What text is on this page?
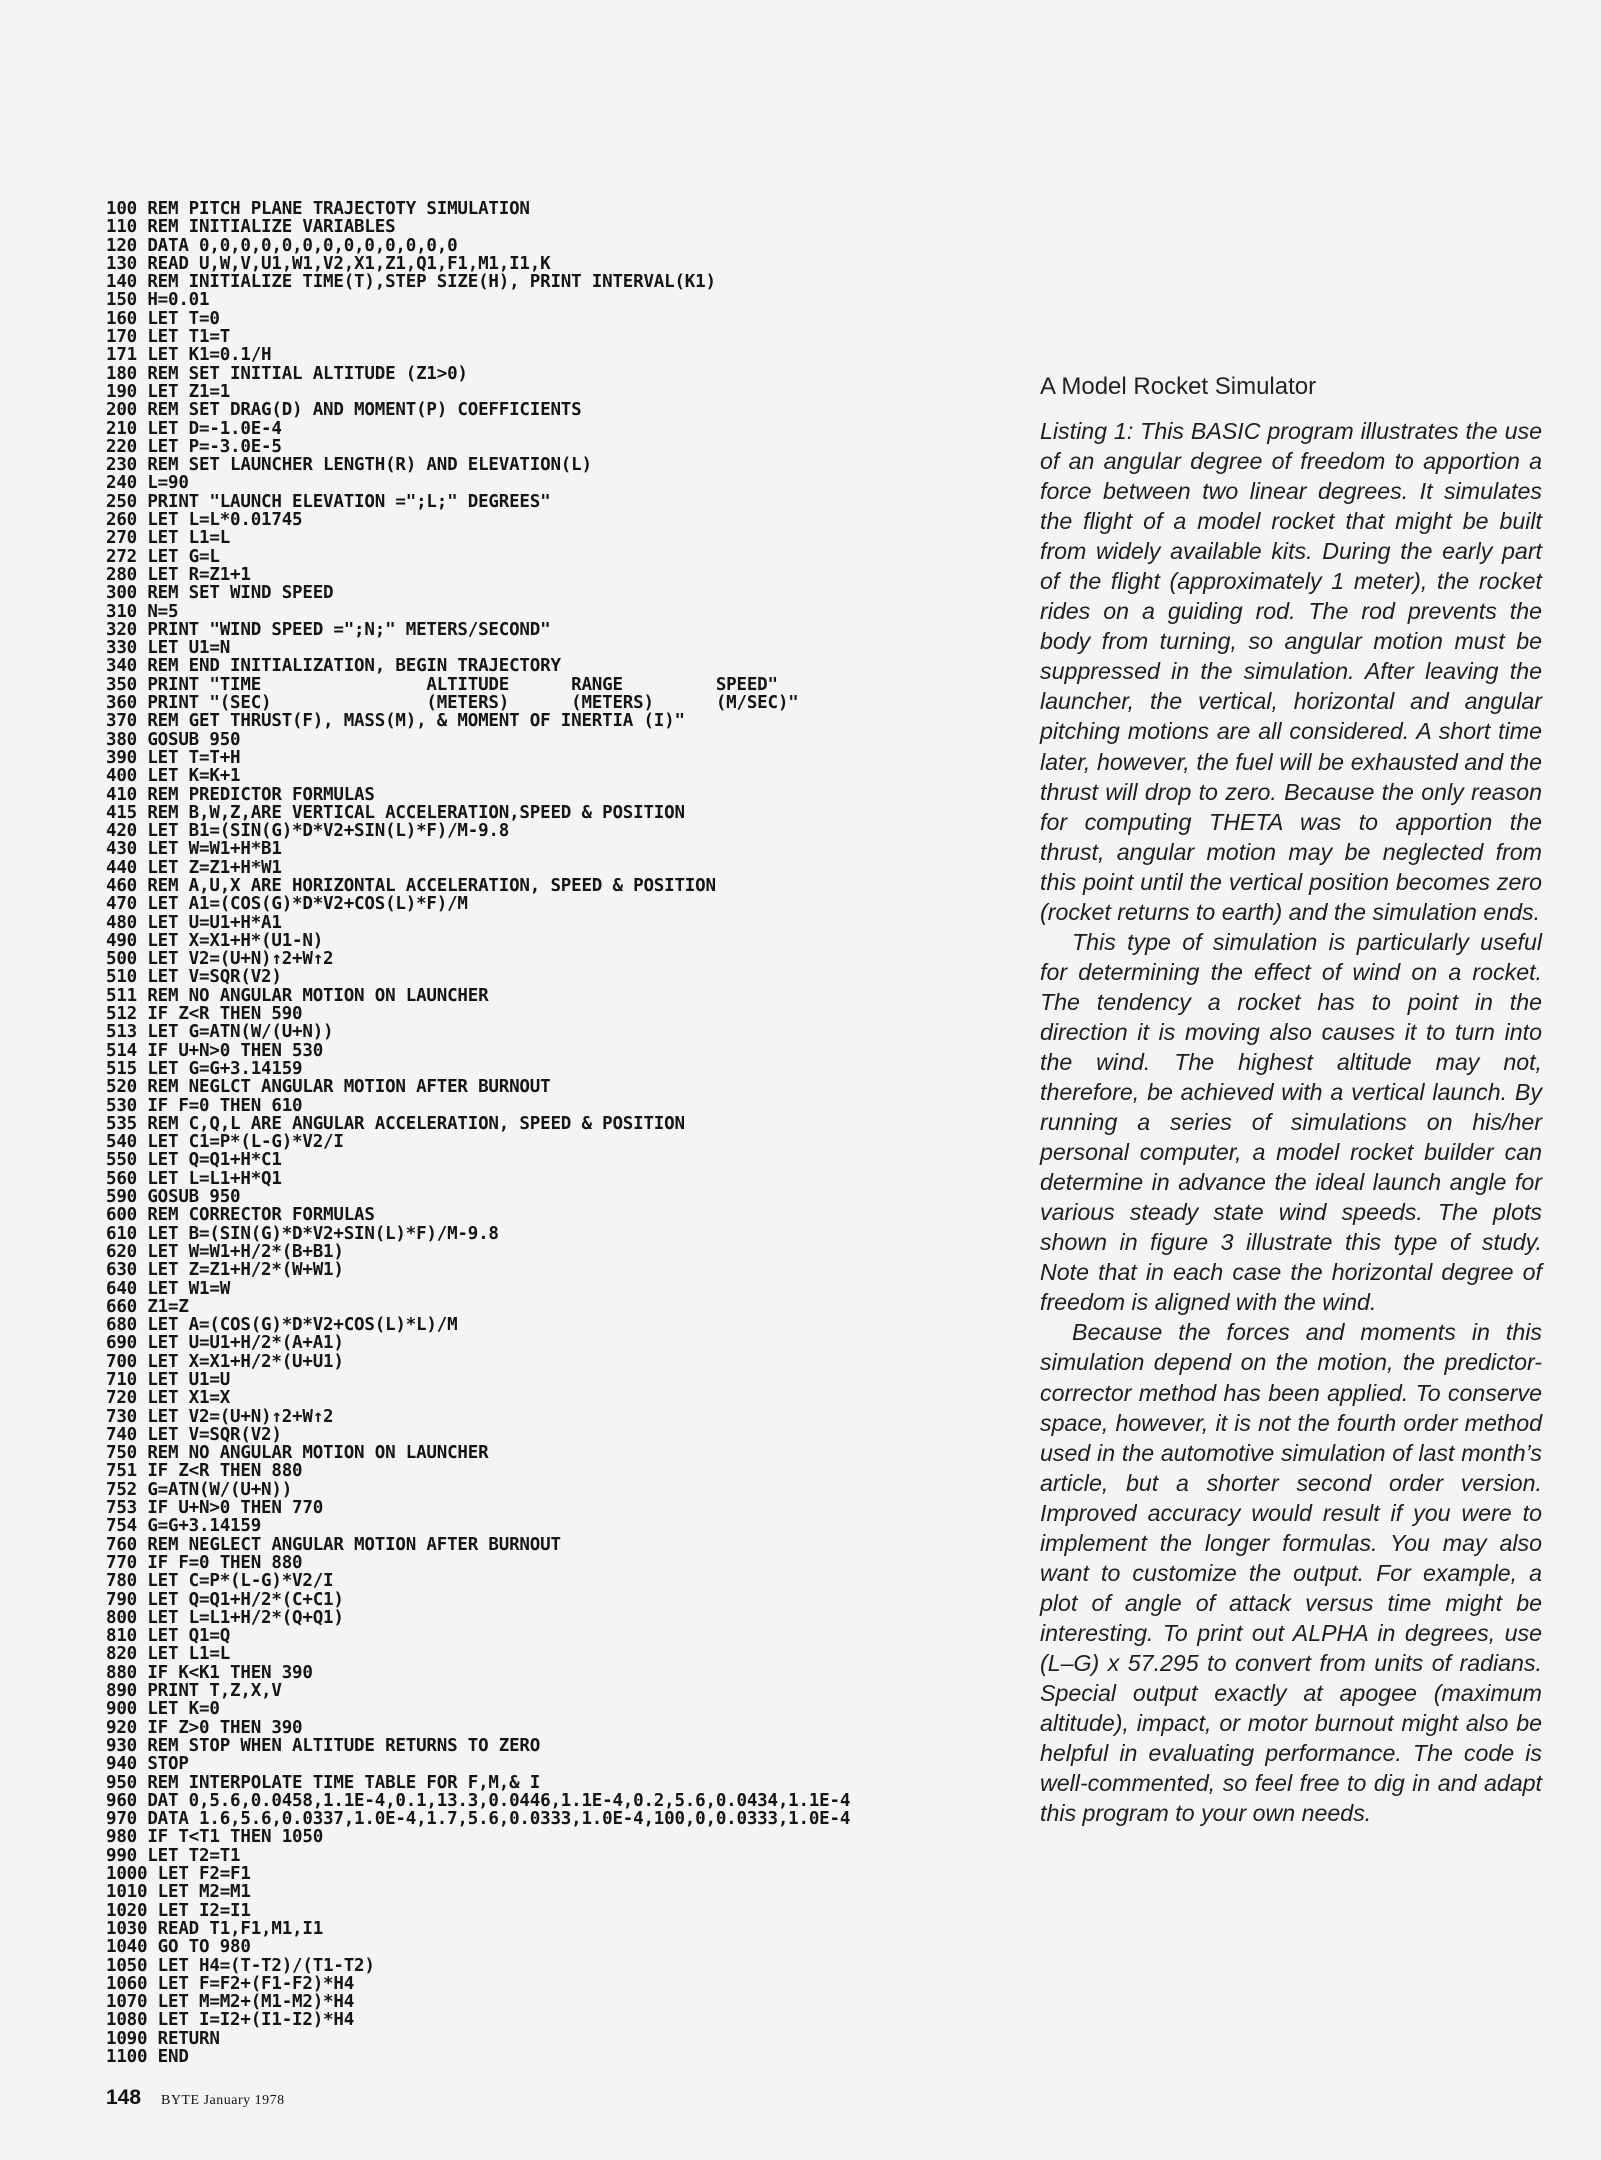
100 REM PITCH PLANE TRAJECTOTY SIMULATION
110 REM INITIALIZE VARIABLES
120 DATA 0,0,0,0,0,0,0,0,0,0,0,0,0
130 READ U,W,V,U1,W1,V2,X1,Z1,Q1,F1,M1,I1,K
140 REM INITIALIZE TIME(T),STEP SIZE(H), PRINT INTERVAL(K1)
150 H=0.01
160 LET T=0
170 LET T1=T
171 LET K1=0.1/H
180 REM SET INITIAL ALTITUDE (Z1>0)
190 LET Z1=1
200 REM SET DRAG(D) AND MOMENT(P) COEFFICIENTS
210 LET D=-1.0E-4
220 LET P=-3.0E-5
230 REM SET LAUNCHER LENGTH(R) AND ELEVATION(L)
240 L=90
250 PRINT "LAUNCH ELEVATION =";L;" DEGREES"
260 LET L=L*0.01745
270 LET L1=L
272 LET G=L
280 LET R=Z1+1
300 REM SET WIND SPEED
310 N=5
320 PRINT "WIND SPEED =";N;" METERS/SECOND"
330 LET U1=N
340 REM END INITIALIZATION, BEGIN TRAJECTORY
350 PRINT "TIME                ALTITUDE      RANGE         SPEED"
360 PRINT "(SEC)               (METERS)      (METERS)      (M/SEC)"
370 REM GET THRUST(F), MASS(M), & MOMENT OF INERTIA (I)"
380 GOSUB 950
390 LET T=T+H
400 LET K=K+1
410 REM PREDICTOR FORMULAS
415 REM B,W,Z,ARE VERTICAL ACCELERATION,SPEED & POSITION
420 LET B1=(SIN(G)*D*V2+SIN(L)*F)/M-9.8
430 LET W=W1+H*B1
440 LET Z=Z1+H*W1
460 REM A,U,X ARE HORIZONTAL ACCELERATION, SPEED & POSITION
470 LET A1=(COS(G)*D*V2+COS(L)*F)/M
480 LET U=U1+H*A1
490 LET X=X1+H*(U1-N)
500 LET V2=(U+N)↑2+W↑2
510 LET V=SQR(V2)
511 REM NO ANGULAR MOTION ON LAUNCHER
512 IF Z<R THEN 590
513 LET G=ATN(W/(U+N))
514 IF U+N>0 THEN 530
515 LET G=G+3.14159
520 REM NEGLCT ANGULAR MOTION AFTER BURNOUT
530 IF F=0 THEN 610
535 REM C,Q,L ARE ANGULAR ACCELERATION, SPEED & POSITION
540 LET C1=P*(L-G)*V2/I
550 LET Q=Q1+H*C1
560 LET L=L1+H*Q1
590 GOSUB 950
600 REM CORRECTOR FORMULAS
610 LET B=(SIN(G)*D*V2+SIN(L)*F)/M-9.8
620 LET W=W1+H/2*(B+B1)
630 LET Z=Z1+H/2*(W+W1)
640 LET W1=W
660 Z1=Z
680 LET A=(COS(G)*D*V2+COS(L)*L)/M
690 LET U=U1+H/2*(A+A1)
700 LET X=X1+H/2*(U+U1)
710 LET U1=U
720 LET X1=X
730 LET V2=(U+N)↑2+W↑2
740 LET V=SQR(V2)
750 REM NO ANGULAR MOTION ON LAUNCHER
751 IF Z<R THEN 880
752 G=ATN(W/(U+N))
753 IF U+N>0 THEN 770
754 G=G+3.14159
760 REM NEGLECT ANGULAR MOTION AFTER BURNOUT
770 IF F=0 THEN 880
780 LET C=P*(L-G)*V2/I
790 LET Q=Q1+H/2*(C+C1)
800 LET L=L1+H/2*(Q+Q1)
810 LET Q1=Q
820 LET L1=L
880 IF K<K1 THEN 390
890 PRINT T,Z,X,V
900 LET K=0
920 IF Z>0 THEN 390
930 REM STOP WHEN ALTITUDE RETURNS TO ZERO
940 STOP
950 REM INTERPOLATE TIME TABLE FOR F,M,& I
960 DAT 0,5.6,0.0458,1.1E-4,0.1,13.3,0.0446,1.1E-4,0.2,5.6,0.0434,1.1E-4
970 DATA 1.6,5.6,0.0337,1.0E-4,1.7,5.6,0.0333,1.0E-4,100,0,0.0333,1.0E-4
980 IF T<T1 THEN 1050
990 LET T2=T1
1000 LET F2=F1
1010 LET M2=M1
1020 LET I2=I1
1030 READ T1,F1,M1,I1
1040 GO TO 980
1050 LET H4=(T-T2)/(T1-T2)
1060 LET F=F2+(F1-F2)*H4
1070 LET M=M2+(M1-M2)*H4
1080 LET I=I2+(I1-I2)*H4
1090 RETURN
1100 END
A Model Rocket Simulator

Listing 1: This BASIC program illustrates the use of an angular degree of freedom to apportion a force between two linear degrees. It simulates the flight of a model rocket that might be built from widely available kits. During the early part of the flight (approximately 1 meter), the rocket rides on a guiding rod. The rod prevents the body from turning, so angular motion must be suppressed in the simulation. After leaving the launcher, the vertical, horizontal and angular pitching motions are all considered. A short time later, however, the fuel will be exhausted and the thrust will drop to zero. Because the only reason for computing THETA was to apportion the thrust, angular motion may be neglected from this point until the vertical position becomes zero (rocket returns to earth) and the simulation ends.

This type of simulation is particularly useful for determining the effect of wind on a rocket. The tendency a rocket has to point in the direction it is moving also causes it to turn into the wind. The highest altitude may not, therefore, be achieved with a vertical launch. By running a series of simulations on his/her personal computer, a model rocket builder can determine in advance the ideal launch angle for various steady state wind speeds. The plots shown in figure 3 illustrate this type of study. Note that in each case the horizontal degree of freedom is aligned with the wind.

Because the forces and moments in this simulation depend on the motion, the predictor-corrector method has been applied. To conserve space, however, it is not the fourth order method used in the automotive simulation of last month’s article, but a shorter second order version. Improved accuracy would result if you were to implement the longer formulas. You may also want to customize the output. For example, a plot of angle of attack versus time might be interesting. To print out ALPHA in degrees, use (L–G) x 57.295 to convert from units of radians. Special output exactly at apogee (maximum altitude), impact, or motor burnout might also be helpful in evaluating performance. The code is well-commented, so feel free to dig in and adapt this program to your own needs.

148 BYTE January 1978
